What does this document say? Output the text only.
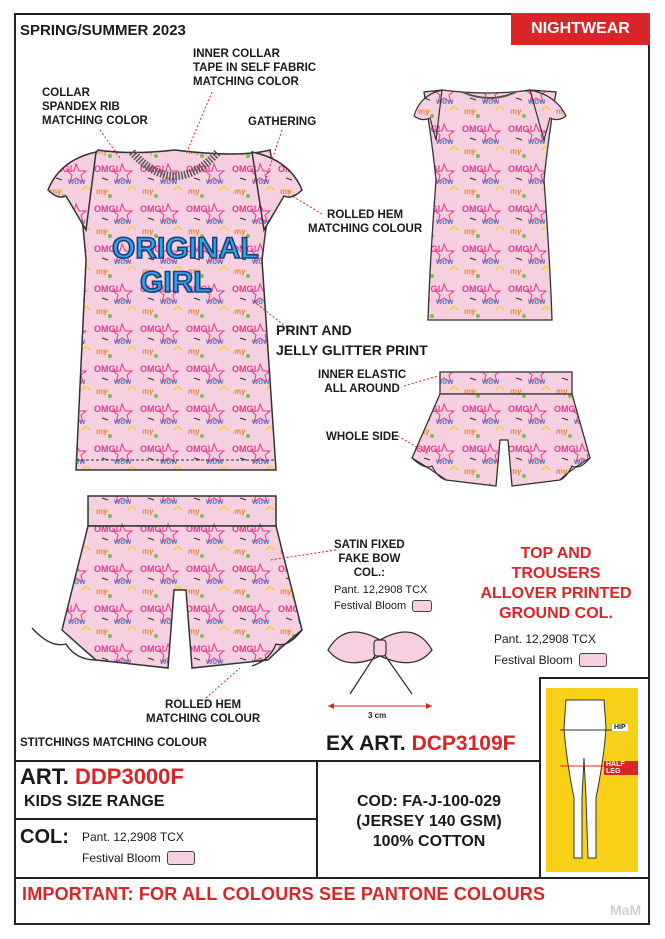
SPRING/SUMMER 2023	NIGHTWEAR
ORIGINAL
GIRL
COLLAR
SPANDEX RIB
MATCHING COLOR
INNER COLLAR
TAPE IN SELF FABRIC
MATCHING COLOR
GATHERING
ROLLED HEM
MATCHING COLOUR
PRINT AND
JELLY GLITTER PRINT
INNER ELASTIC
ALL AROUND
WHOLE SIDE
SATIN FIXED
FAKE BOW
COL.:
Pant. 12,2908 TCX
Festival Bloom
3 cm
ROLLED HEM
MATCHING COLOUR
STITCHINGS MATCHING COLOUR
TOP AND
TROUSERS
ALLOVER PRINTED
GROUND COL.
Pant. 12,2908 TCX
Festival Bloom
EX ART. DCP3109F
ART. DDP3000F
KIDS SIZE RANGE
COL: Pant. 12,2908 TCX
Festival Bloom
COD: FA-J-100-029
(JERSEY 140 GSM)
100% COTTON
HIP
HALF LEG
IMPORTANT: FOR ALL COLOURS SEE PANTONE COLOURS
MaM
